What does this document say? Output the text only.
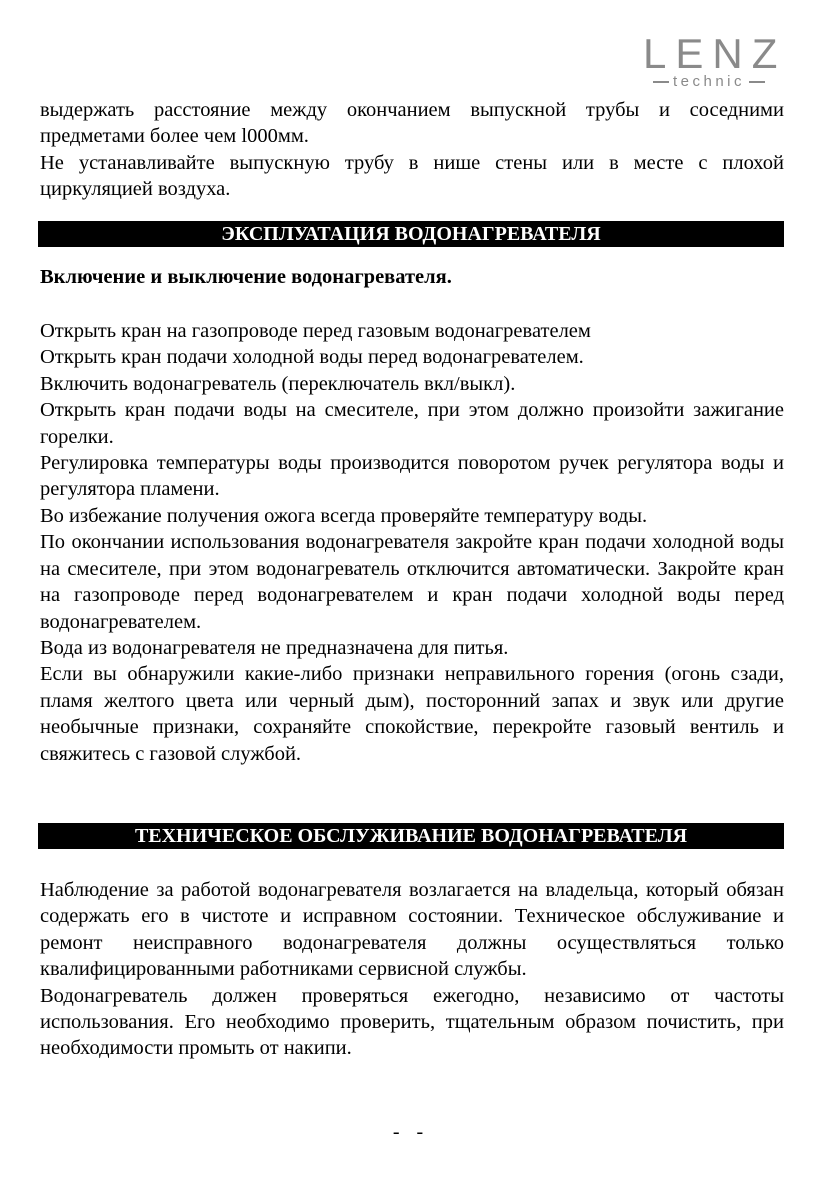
LENZ
technic

выдержать расстояние между окончанием выпускной трубы и соседними предметами более чем l000мм.

Не устанавливайте выпускную трубу в нише стены или в месте с плохой циркуляцией воздуха.

ЭКСПЛУАТАЦИЯ ВОДОНАГРЕВАТЕЛЯ

Включение и выключение водонагревателя.

Открыть кран на газопроводе перед газовым водонагревателем

Открыть кран подачи холодной воды перед водонагревателем.

Включить водонагреватель (переключатель вкл/выкл).

Открыть кран подачи воды на смесителе, при этом должно произойти зажигание горелки.

Регулировка температуры воды производится поворотом ручек регулятора воды и регулятора пламени.

Во избежание получения ожога всегда проверяйте температуру воды.

По окончании использования водонагревателя закройте кран подачи холодной воды на смесителе, при этом водонагреватель отключится автоматически. Закройте кран на газопроводе перед водонагревателем и кран подачи холодной воды перед водонагревателем.

Вода из водонагревателя не предназначена для питья.

Если вы обнаружили какие-либо признаки неправильного горения (огонь сзади, пламя желтого цвета или черный дым), посторонний запах и звук или другие необычные признаки, сохраняйте спокойствие, перекройте газовый вентиль и свяжитесь с газовой службой.

ТЕХНИЧЕСКОЕ ОБСЛУЖИВАНИЕ ВОДОНАГРЕВАТЕЛЯ

Наблюдение за работой водонагревателя возлагается на владельца, который обязан содержать его в чистоте и исправном состоянии. Техническое обслуживание и ремонт неисправного водонагревателя должны осуществляться только квалифицированными работниками сервисной службы.

Водонагреватель должен проверяться ежегодно, независимо от частоты использования. Его необходимо проверить, тщательным образом почистить, при необходимости промыть от накипи.

- -
